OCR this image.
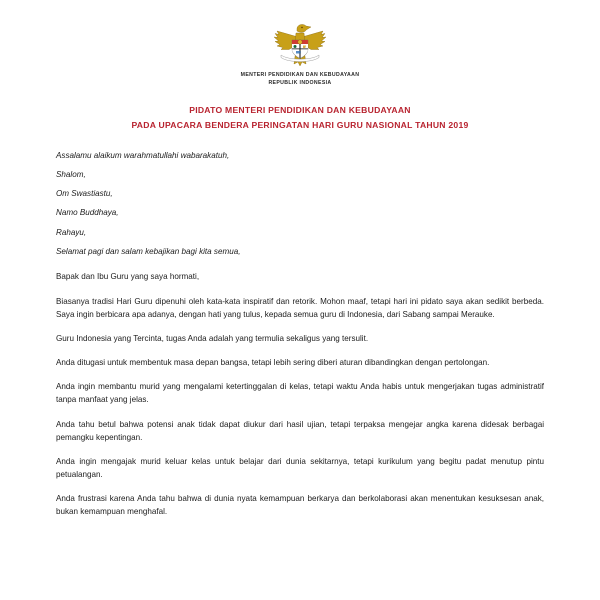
MENTERI PENDIDIKAN DAN KEBUDAYAAN
REPUBLIK INDONESIA
PIDATO MENTERI PENDIDIKAN DAN KEBUDAYAAN
PADA UPACARA BENDERA PERINGATAN HARI GURU NASIONAL TAHUN 2019

Assalamu alaikum warahmatullahi wabarakatuh,

Shalom,

Om Swastiastu,

Namo Buddhaya,

Rahayu,

Selamat pagi dan salam kebajikan bagi kita semua,

Bapak dan Ibu Guru yang saya hormati,

Biasanya tradisi Hari Guru dipenuhi oleh kata-kata inspiratif dan retorik. Mohon maaf, tetapi hari ini pidato saya akan sedikit berbeda. Saya ingin berbicara apa adanya, dengan hati yang tulus, kepada semua guru di Indonesia, dari Sabang sampai Merauke.

Guru Indonesia yang Tercinta, tugas Anda adalah yang termulia sekaligus yang tersulit.

Anda ditugasi untuk membentuk masa depan bangsa, tetapi lebih sering diberi aturan dibandingkan dengan pertolongan.

Anda ingin membantu murid yang mengalami ketertinggalan di kelas, tetapi waktu Anda habis untuk mengerjakan tugas administratif tanpa manfaat yang jelas.

Anda tahu betul bahwa potensi anak tidak dapat diukur dari hasil ujian, tetapi terpaksa mengejar angka karena didesak berbagai pemangku kepentingan.

Anda ingin mengajak murid keluar kelas untuk belajar dari dunia sekitarnya, tetapi kurikulum yang begitu padat menutup pintu petualangan.

Anda frustrasi karena Anda tahu bahwa di dunia nyata kemampuan berkarya dan berkolaborasi akan menentukan kesuksesan anak, bukan kemampuan menghafal.
